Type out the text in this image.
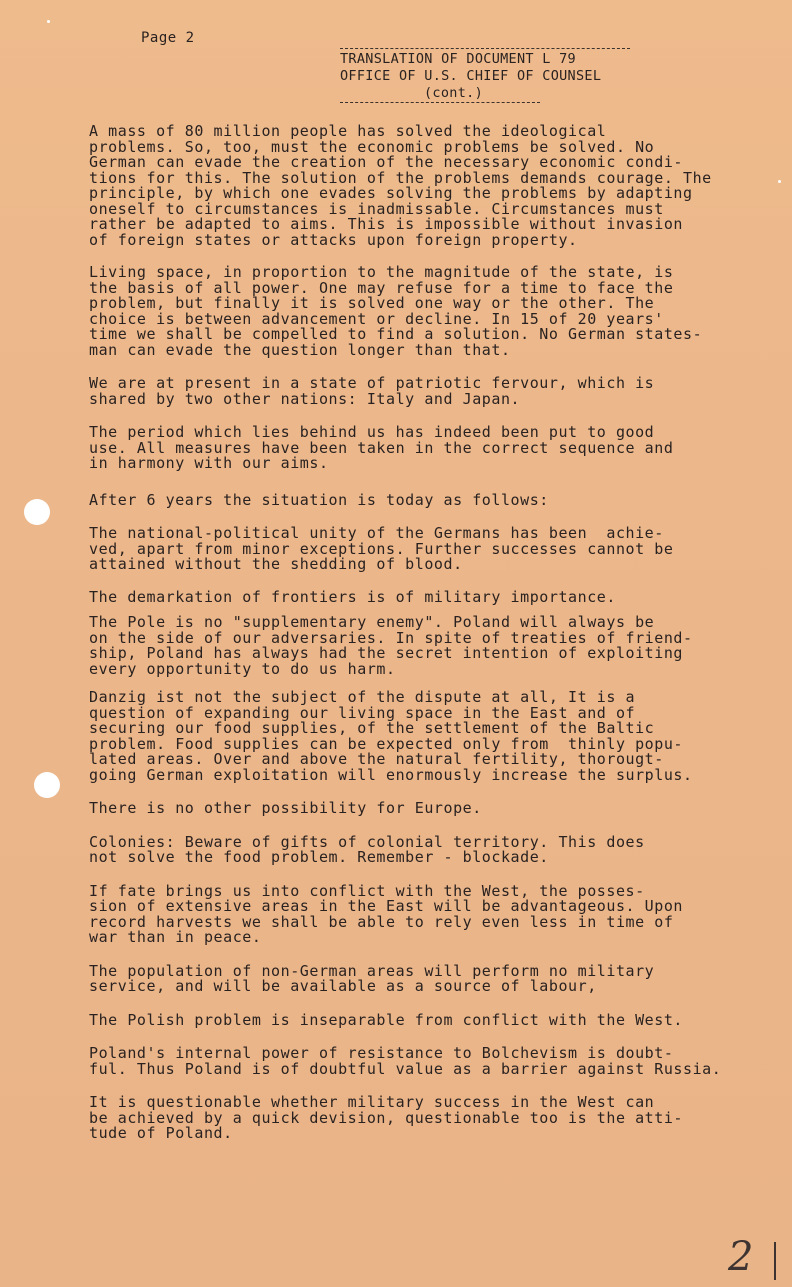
Page 2
TRANSLATION OF DOCUMENT L 79
OFFICE OF U.S. CHIEF OF COUNSEL
(cont.)

A mass of 80 million people has solved the ideological
problems. So, too, must the economic problems be solved. No
German can evade the creation of the necessary economic condi-
tions for this. The solution of the problems demands courage. The
principle, by which one evades solving the problems by adapting
oneself to circumstances is inadmissable. Circumstances must
rather be adapted to aims. This is impossible without invasion
of foreign states or attacks upon foreign property.

Living space, in proportion to the magnitude of the state, is
the basis of all power. One may refuse for a time to face the
problem, but finally it is solved one way or the other. The
choice is between advancement or decline. In 15 of 20 years'
time we shall be compelled to find a solution. No German states-
man can evade the question longer than that.

We are at present in a state of patriotic fervour, which is
shared by two other nations: Italy and Japan.

The period which lies behind us has indeed been put to good
use. All measures have been taken in the correct sequence and
in harmony with our aims.

After 6 years the situation is today as follows:

The national-political unity of the Germans has been  achie-
ved, apart from minor exceptions. Further successes cannot be
attained without the shedding of blood.

The demarkation of frontiers is of military importance.

The Pole is no "supplementary enemy". Poland will always be
on the side of our adversaries. In spite of treaties of friend-
ship, Poland has always had the secret intention of exploiting
every opportunity to do us harm.

Danzig ist not the subject of the dispute at all, It is a
question of expanding our living space in the East and of
securing our food supplies, of the settlement of the Baltic
problem. Food supplies can be expected only from  thinly popu-
lated areas. Over and above the natural fertility, thorougt-
going German exploitation will enormously increase the surplus.

There is no other possibility for Europe.

Colonies: Beware of gifts of colonial territory. This does
not solve the food problem. Remember - blockade.

If fate brings us into conflict with the West, the posses-
sion of extensive areas in the East will be advantageous. Upon
record harvests we shall be able to rely even less in time of
war than in peace.

The population of non-German areas will perform no military
service, and will be available as a source of labour,

The Polish problem is inseparable from conflict with the West.

Poland's internal power of resistance to Bolchevism is doubt-
ful. Thus Poland is of doubtful value as a barrier against Russia.

It is questionable whether military success in the West can
be achieved by a quick devision, questionable too is the atti-
tude of Poland.

2
